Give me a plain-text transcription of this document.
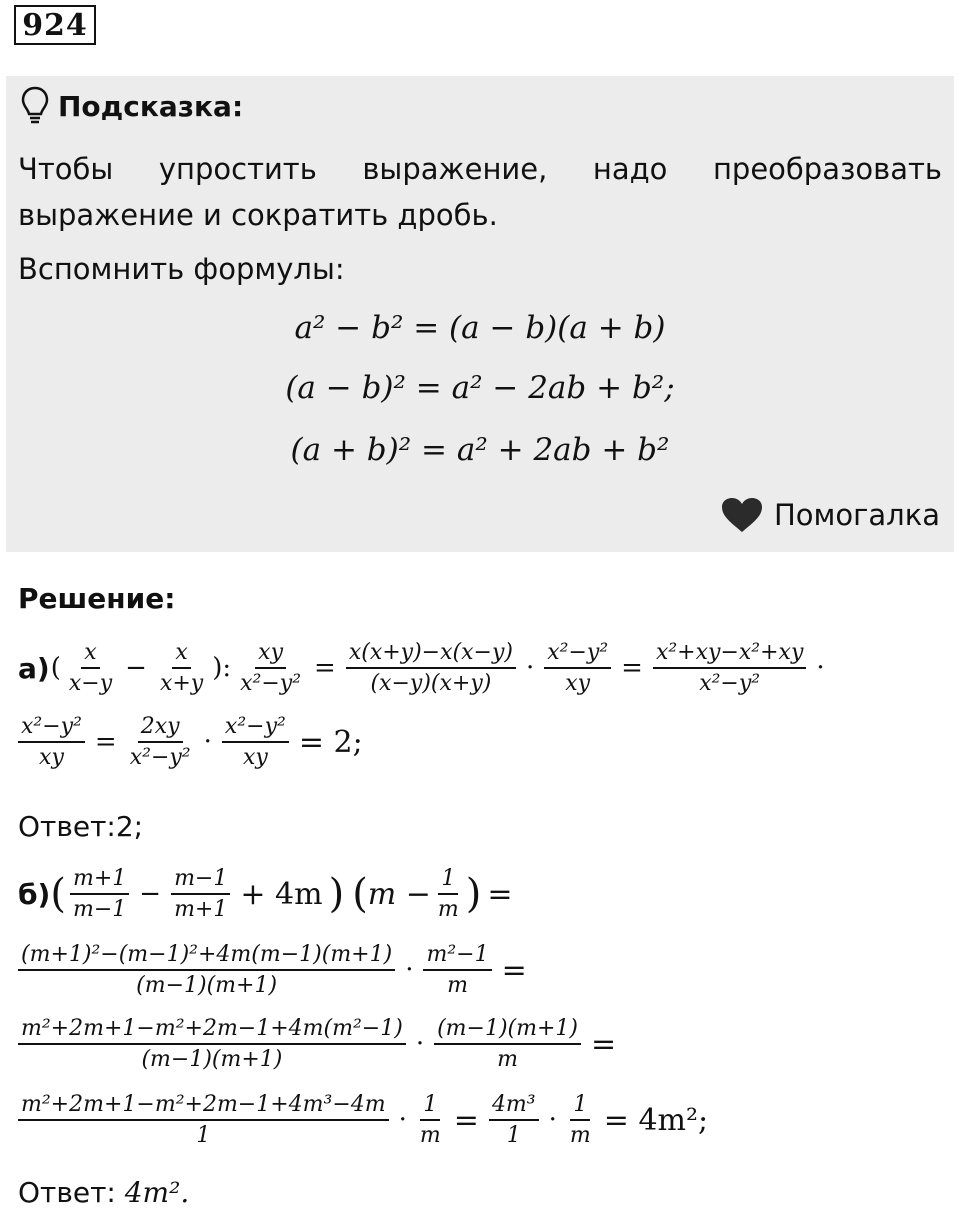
924
Подсказка:
Чтобы упростить выражение, надо преобразовать выражение и сократить дробь.
Вспомнить формулы:
a² − b² = (a − b)(a + b)
(a − b)² = a² − 2ab + b²;
(a + b)² = a² + 2ab + b²
Помогалка
Решение:
а) ( $\frac{x}{x-y} - \frac{x}{x+y}$ ): $\frac{xy}{\text{x²−y²}} = \frac{x(x+y)-x(x-y)}{(x-y)(x+y)} \cdot \frac{\text{x²−y²}}{xy} = \frac{\text{x²+xy−x²+xy}}{\text{x²−y²}}$ ·
$\frac{\text{x²−y²}}{xy} = \frac{2xy}{\text{x²−y²}} \cdot \frac{\text{x²−y²}}{xy} = 2$;
Ответ:2;
б) ( $\frac{m+1}{m-1} - \frac{m-1}{m+1} + 4m$ ) ( $m - \frac{1}{m}$ ) =
$\frac{\text{(m+1)²−(m−1)²+4m(m−1)(m+1)}}{(m-1)(m+1)} \cdot \frac{\text{m²−1}}{m}$ =
$\frac{\text{m²+2m+1−m²+2m−1+4m(m²−1)}}{(m-1)(m+1)} \cdot \frac{(m-1)(m+1)}{m}$ =
$\frac{\text{m²+2m+1−m²+2m−1+4m³−4m}}{1} \cdot \frac{1}{m} = \frac{\text{4m³}}{1} \cdot \frac{1}{m} = 4m^2$;
Ответ: 4m².
